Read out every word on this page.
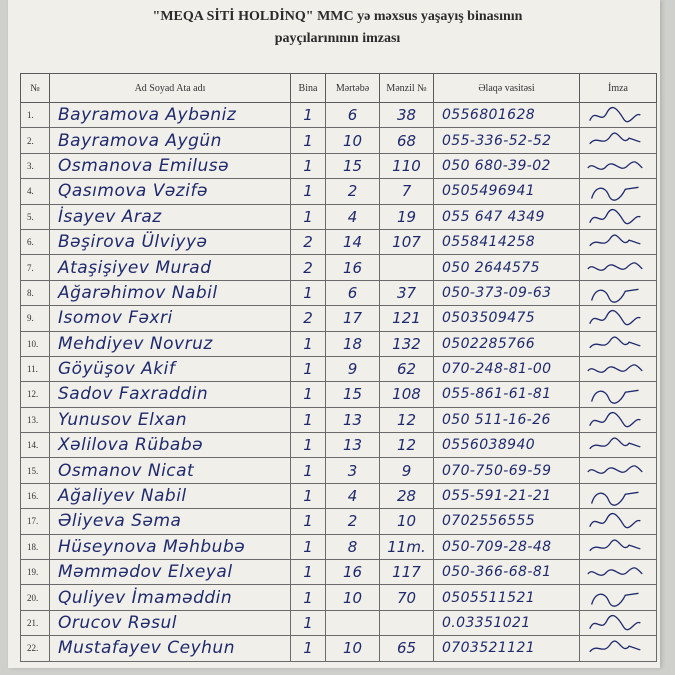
"MEQA SİTİ HOLDİNQ" MMC yə məxsus yaşayış binasının
payçılarınının imzası
№	Ad Soyad Ata adı	Bina	Mərtəbə	Mənzil №	Əlaqə vasitəsi	İmza
1.	Bayramova Aybəniz	1	6	38	0556801628	

2.	Bayramova Aygün	1	10	68	055-336-52-52	

3.	Osmanova Emilusə	1	15	110	050 680-39-02	

4.	Qasımova Vəzifə	1	2	7	0505496941	

5.	İsayev Araz	1	4	19	055 647 4349	

6.	Bəşirova Ülviyyə	2	14	107	0558414258	

7.	Ataşişiyev Murad	2	16		050 2644575	

8.	Ağarəhimov Nabil	1	6	37	050-373-09-63	

9.	Isomov Fəxri	2	17	121	0503509475	

10.	Mehdiyev Novruz	1	18	132	0502285766	

11.	Göyüşov Akif	1	9	62	070-248-81-00	

12.	Sadov Faxraddin	1	15	108	055-861-61-81	

13.	Yunusov Elxan	1	13	12	050 511-16-26	

14.	Xəlilova Rübabə	1	13	12	0556038940	

15.	Osmanov Nicat	1	3	9	070-750-69-59	

16.	Ağaliyev Nabil	1	4	28	055-591-21-21	

17.	Əliyeva Səma	1	2	10	0702556555	

18.	Hüseynova Məhbubə	1	8	11m.	050-709-28-48	

19.	Məmmədov Elxeyal	1	16	117	050-366-68-81	

20.	Quliyev İmaməddin	1	10	70	0505511521	

21.	Orucov Rəsul	1			0.03351021	

22.	Mustafayev Ceyhun	1	10	65	0703521121	
